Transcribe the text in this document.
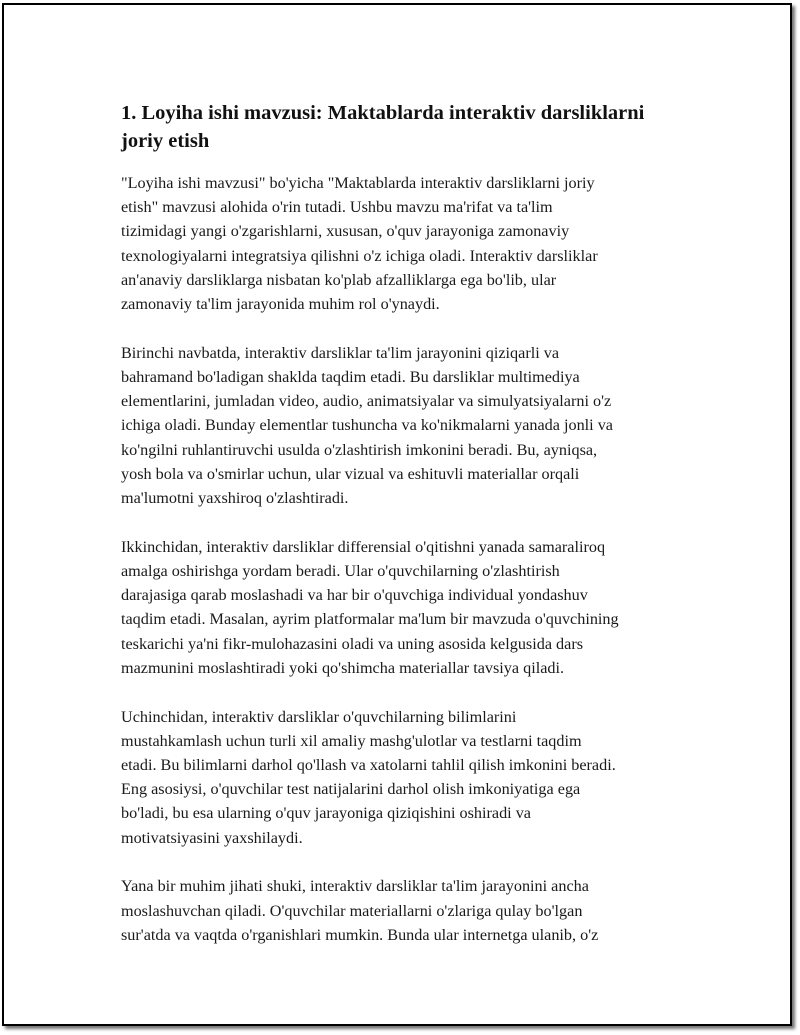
1. Loyiha ishi mavzusi: Maktablarda interaktiv darsliklarni
joriy etish

"Loyiha ishi mavzusi" bo'yicha "Maktablarda interaktiv darsliklarni joriy
etish" mavzusi alohida o'rin tutadi. Ushbu mavzu ma'rifat va ta'lim
tizimidagi yangi o'zgarishlarni, xususan, o'quv jarayoniga zamonaviy
texnologiyalarni integratsiya qilishni o'z ichiga oladi. Interaktiv darsliklar
an'anaviy darsliklarga nisbatan ko'plab afzalliklarga ega bo'lib, ular
zamonaviy ta'lim jarayonida muhim rol o'ynaydi.

Birinchi navbatda, interaktiv darsliklar ta'lim jarayonini qiziqarli va
bahramand bo'ladigan shaklda taqdim etadi. Bu darsliklar multimediya
elementlarini, jumladan video, audio, animatsiyalar va simulyatsiyalarni o'z
ichiga oladi. Bunday elementlar tushuncha va ko'nikmalarni yanada jonli va
ko'ngilni ruhlantiruvchi usulda o'zlashtirish imkonini beradi. Bu, ayniqsa,
yosh bola va o'smirlar uchun, ular vizual va eshituvli materiallar orqali
ma'lumotni yaxshiroq o'zlashtiradi.

Ikkinchidan, interaktiv darsliklar differensial o'qitishni yanada samaraliroq
amalga oshirishga yordam beradi. Ular o'quvchilarning o'zlashtirish
darajasiga qarab moslashadi va har bir o'quvchiga individual yondashuv
taqdim etadi. Masalan, ayrim platformalar ma'lum bir mavzuda o'quvchining
teskarichi ya'ni fikr-mulohazasini oladi va uning asosida kelgusida dars
mazmunini moslashtiradi yoki qo'shimcha materiallar tavsiya qiladi.

Uchinchidan, interaktiv darsliklar o'quvchilarning bilimlarini
mustahkamlash uchun turli xil amaliy mashg'ulotlar va testlarni taqdim
etadi. Bu bilimlarni darhol qo'llash va xatolarni tahlil qilish imkonini beradi.
Eng asosiysi, o'quvchilar test natijalarini darhol olish imkoniyatiga ega
bo'ladi, bu esa ularning o'quv jarayoniga qiziqishini oshiradi va
motivatsiyasini yaxshilaydi.

Yana bir muhim jihati shuki, interaktiv darsliklar ta'lim jarayonini ancha
moslashuvchan qiladi. O'quvchilar materiallarni o'zlariga qulay bo'lgan
sur'atda va vaqtda o'rganishlari mumkin. Bunda ular internetga ulanib, o'z
